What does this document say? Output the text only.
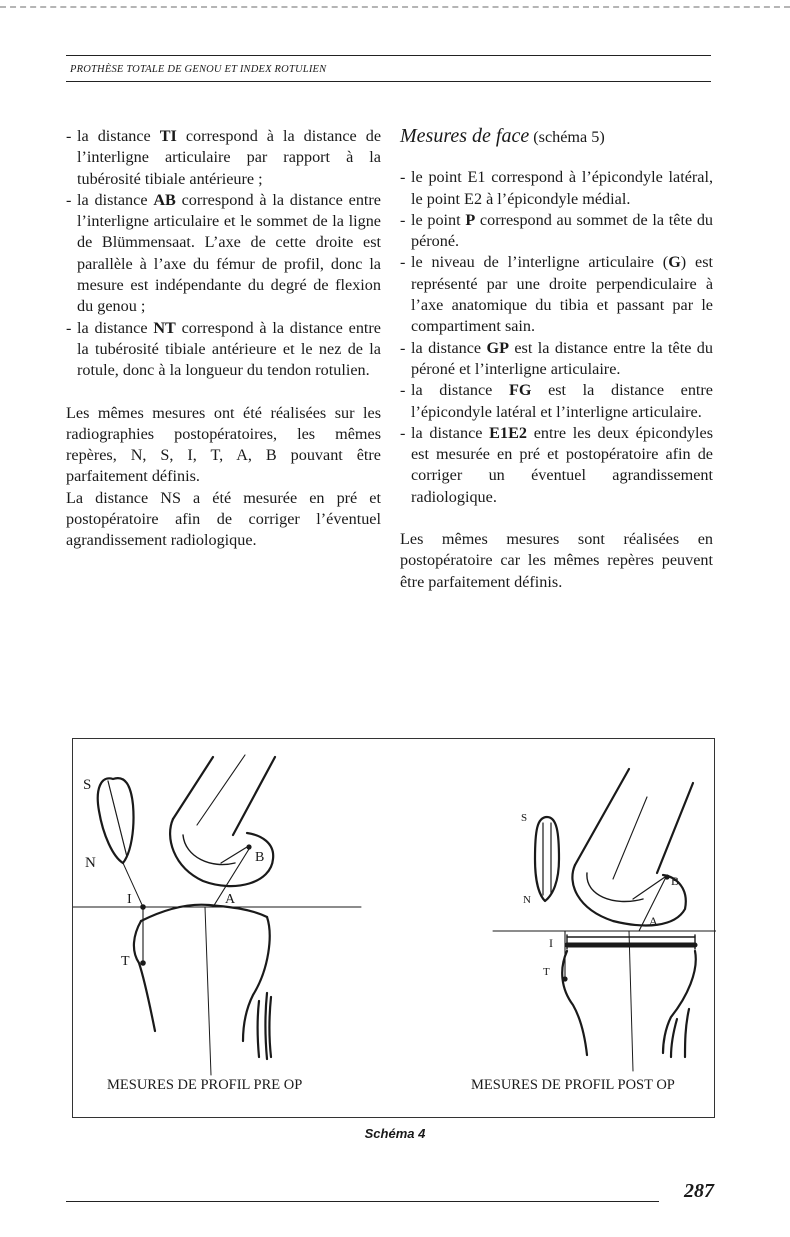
PROTHÈSE TOTALE DE GENOU ET INDEX ROTULIEN
- la distance TI correspond à la distance de l’interligne articulaire par rapport à la tubérosité tibiale antérieure ;
- la distance AB correspond à la distance entre l’interligne articulaire et le sommet de la ligne de Blümmensaat. L’axe de cette droite est parallèle à l’axe du fémur de profil, donc la mesure est indépendante du degré de flexion du genou ;
- la distance NT correspond à la distance entre la tubérosité tibiale antérieure et le nez de la rotule, donc à la longueur du tendon rotulien.

Les mêmes mesures ont été réalisées sur les radiographies postopératoires, les mêmes repères, N, S, I, T, A, B pouvant être parfaitement définis.

La distance NS a été mesurée en pré et postopératoire afin de corriger l’éventuel agrandissement radiologique.

Mesures de face (schéma 5)

- le point E1 correspond à l’épicondyle latéral, le point E2 à l’épicondyle médial.
- le point P correspond au sommet de la tête du péroné.
- le niveau de l’interligne articulaire (G) est représenté par une droite perpendiculaire à l’axe anatomique du tibia et passant par le compartiment sain.
- la distance GP est la distance entre la tête du péroné et l’interligne articulaire.
- la distance FG est la distance entre l’épicondyle latéral et l’interligne articulaire.
- la distance E1E2 entre les deux épicondyles est mesurée en pré et postopératoire afin de corriger un éventuel agrandissement radiologique.

Les mêmes mesures sont réalisées en postopératoire car les mêmes repères peuvent être parfaitement définis.

S
N	B
I	A
T
S
N
B
A
I
T
MESURES DE PROFIL PRE OP	MESURES DE PROFIL POST OP
Schéma 4
287
